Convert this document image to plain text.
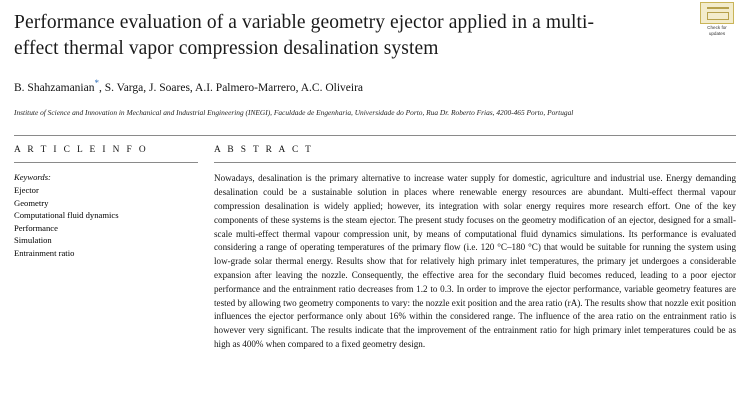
Check for
updates
Performance evaluation of a variable geometry ejector applied in a multi-effect thermal vapor compression desalination system
B. Shahzamanian*, S. Varga, J. Soares, A.I. Palmero-Marrero, A.C. Oliveira
Institute of Science and Innovation in Mechanical and Industrial Engineering (INEGI), Faculdade de Engenharia, Universidade do Porto, Rua Dr. Roberto Frias, 4200-465 Porto, Portugal
A R T I C L E I N F O
Keywords:
Ejector
Geometry
Computational fluid dynamics
Performance
Simulation
Entrainment ratio
A B S T R A C T
Nowadays, desalination is the primary alternative to increase water supply for domestic, agriculture and industrial use. Energy demanding desalination could be a sustainable solution in places where renewable energy resources are abundant. Multi-effect thermal vapour compression desalination is widely applied; however, its integration with solar energy requires more research effort. One of the key components of these systems is the steam ejector. The present study focuses on the geometry modification of an ejector, designed for a small-scale multi-effect thermal vapour compression unit, by means of computational fluid dynamics simulations. Its performance is evaluated considering a range of operating temperatures of the primary flow (i.e. 120 °C–180 °C) that would be suitable for running the system using low-grade solar thermal energy. Results show that for relatively high primary inlet temperatures, the primary jet undergoes a considerable expansion after leaving the nozzle. Consequently, the effective area for the secondary fluid becomes reduced, leading to a poor ejector performance and the entrainment ratio decreases from 1.2 to 0.3. In order to improve the ejector performance, variable geometry features are tested by allowing two geometry components to vary: the nozzle exit position and the area ratio (rA). The results show that nozzle exit position influences the ejector performance only about 16% within the considered range. The influence of the area ratio on the entrainment ratio is however very significant. The results indicate that the improvement of the entrainment ratio for high primary inlet temperatures could be as high as 400% when compared to a fixed geometry design.
